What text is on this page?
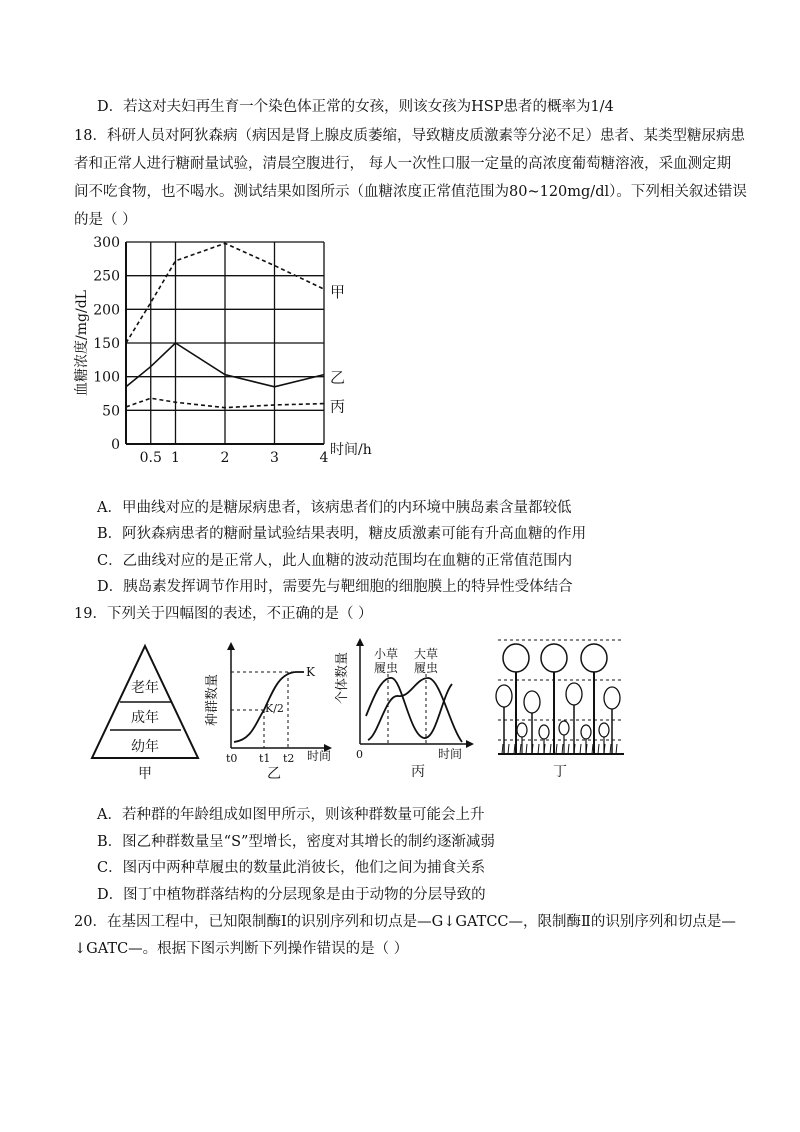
D．若这对夫妇再生育一个染色体正常的女孩，则该女孩为HSP患者的概率为1/4
18．科研人员对阿狄森病（病因是肾上腺皮质萎缩，导致糖皮质激素等分泌不足）患者、某类型糖尿病患
者和正常人进行糖耐量试验，清晨空腹进行， 每人一次性口服一定量的高浓度葡萄糖溶液，采血测定期
间不吃食物，也不喝水。测试结果如图所示（血糖浓度正常值范围为80~120mg/dl）。下列相关叙述错误
的是（ ）
0
50
100
150
200
250
300
0.5 1	2	3	4
甲
乙
丙
时间/h
血糖浓度/mg/dL
A．甲曲线对应的是糖尿病患者，该病患者们的内环境中胰岛素含量都较低
B．阿狄森病患者的糖耐量试验结果表明，糖皮质激素可能有升高血糖的作用
C．乙曲线对应的是正常人，此人血糖的波动范围均在血糖的正常值范围内
D．胰岛素发挥调节作用时，需要先与靶细胞的细胞膜上的特异性受体结合
19．下列关于四幅图的表述，不正确的是（ ）
老年
成年
幼年
甲
K
K/2
t0 t1 t2 时间
种群数量
乙
小草
履虫
大草
履虫
个体数量
0	时间
丙	丁
A．若种群的年龄组成如图甲所示，则该种群数量可能会上升
B．图乙种群数量呈“S”型增长，密度对其增长的制约逐渐减弱
C．图丙中两种草履虫的数量此消彼长，他们之间为捕食关系
D．图丁中植物群落结构的分层现象是由于动物的分层导致的
20．在基因工程中，已知限制酶Ⅰ的识别序列和切点是—G↓GATCC—，限制酶Ⅱ的识别序列和切点是—
↓GATC—。根据下图示判断下列操作错误的是（ ）
